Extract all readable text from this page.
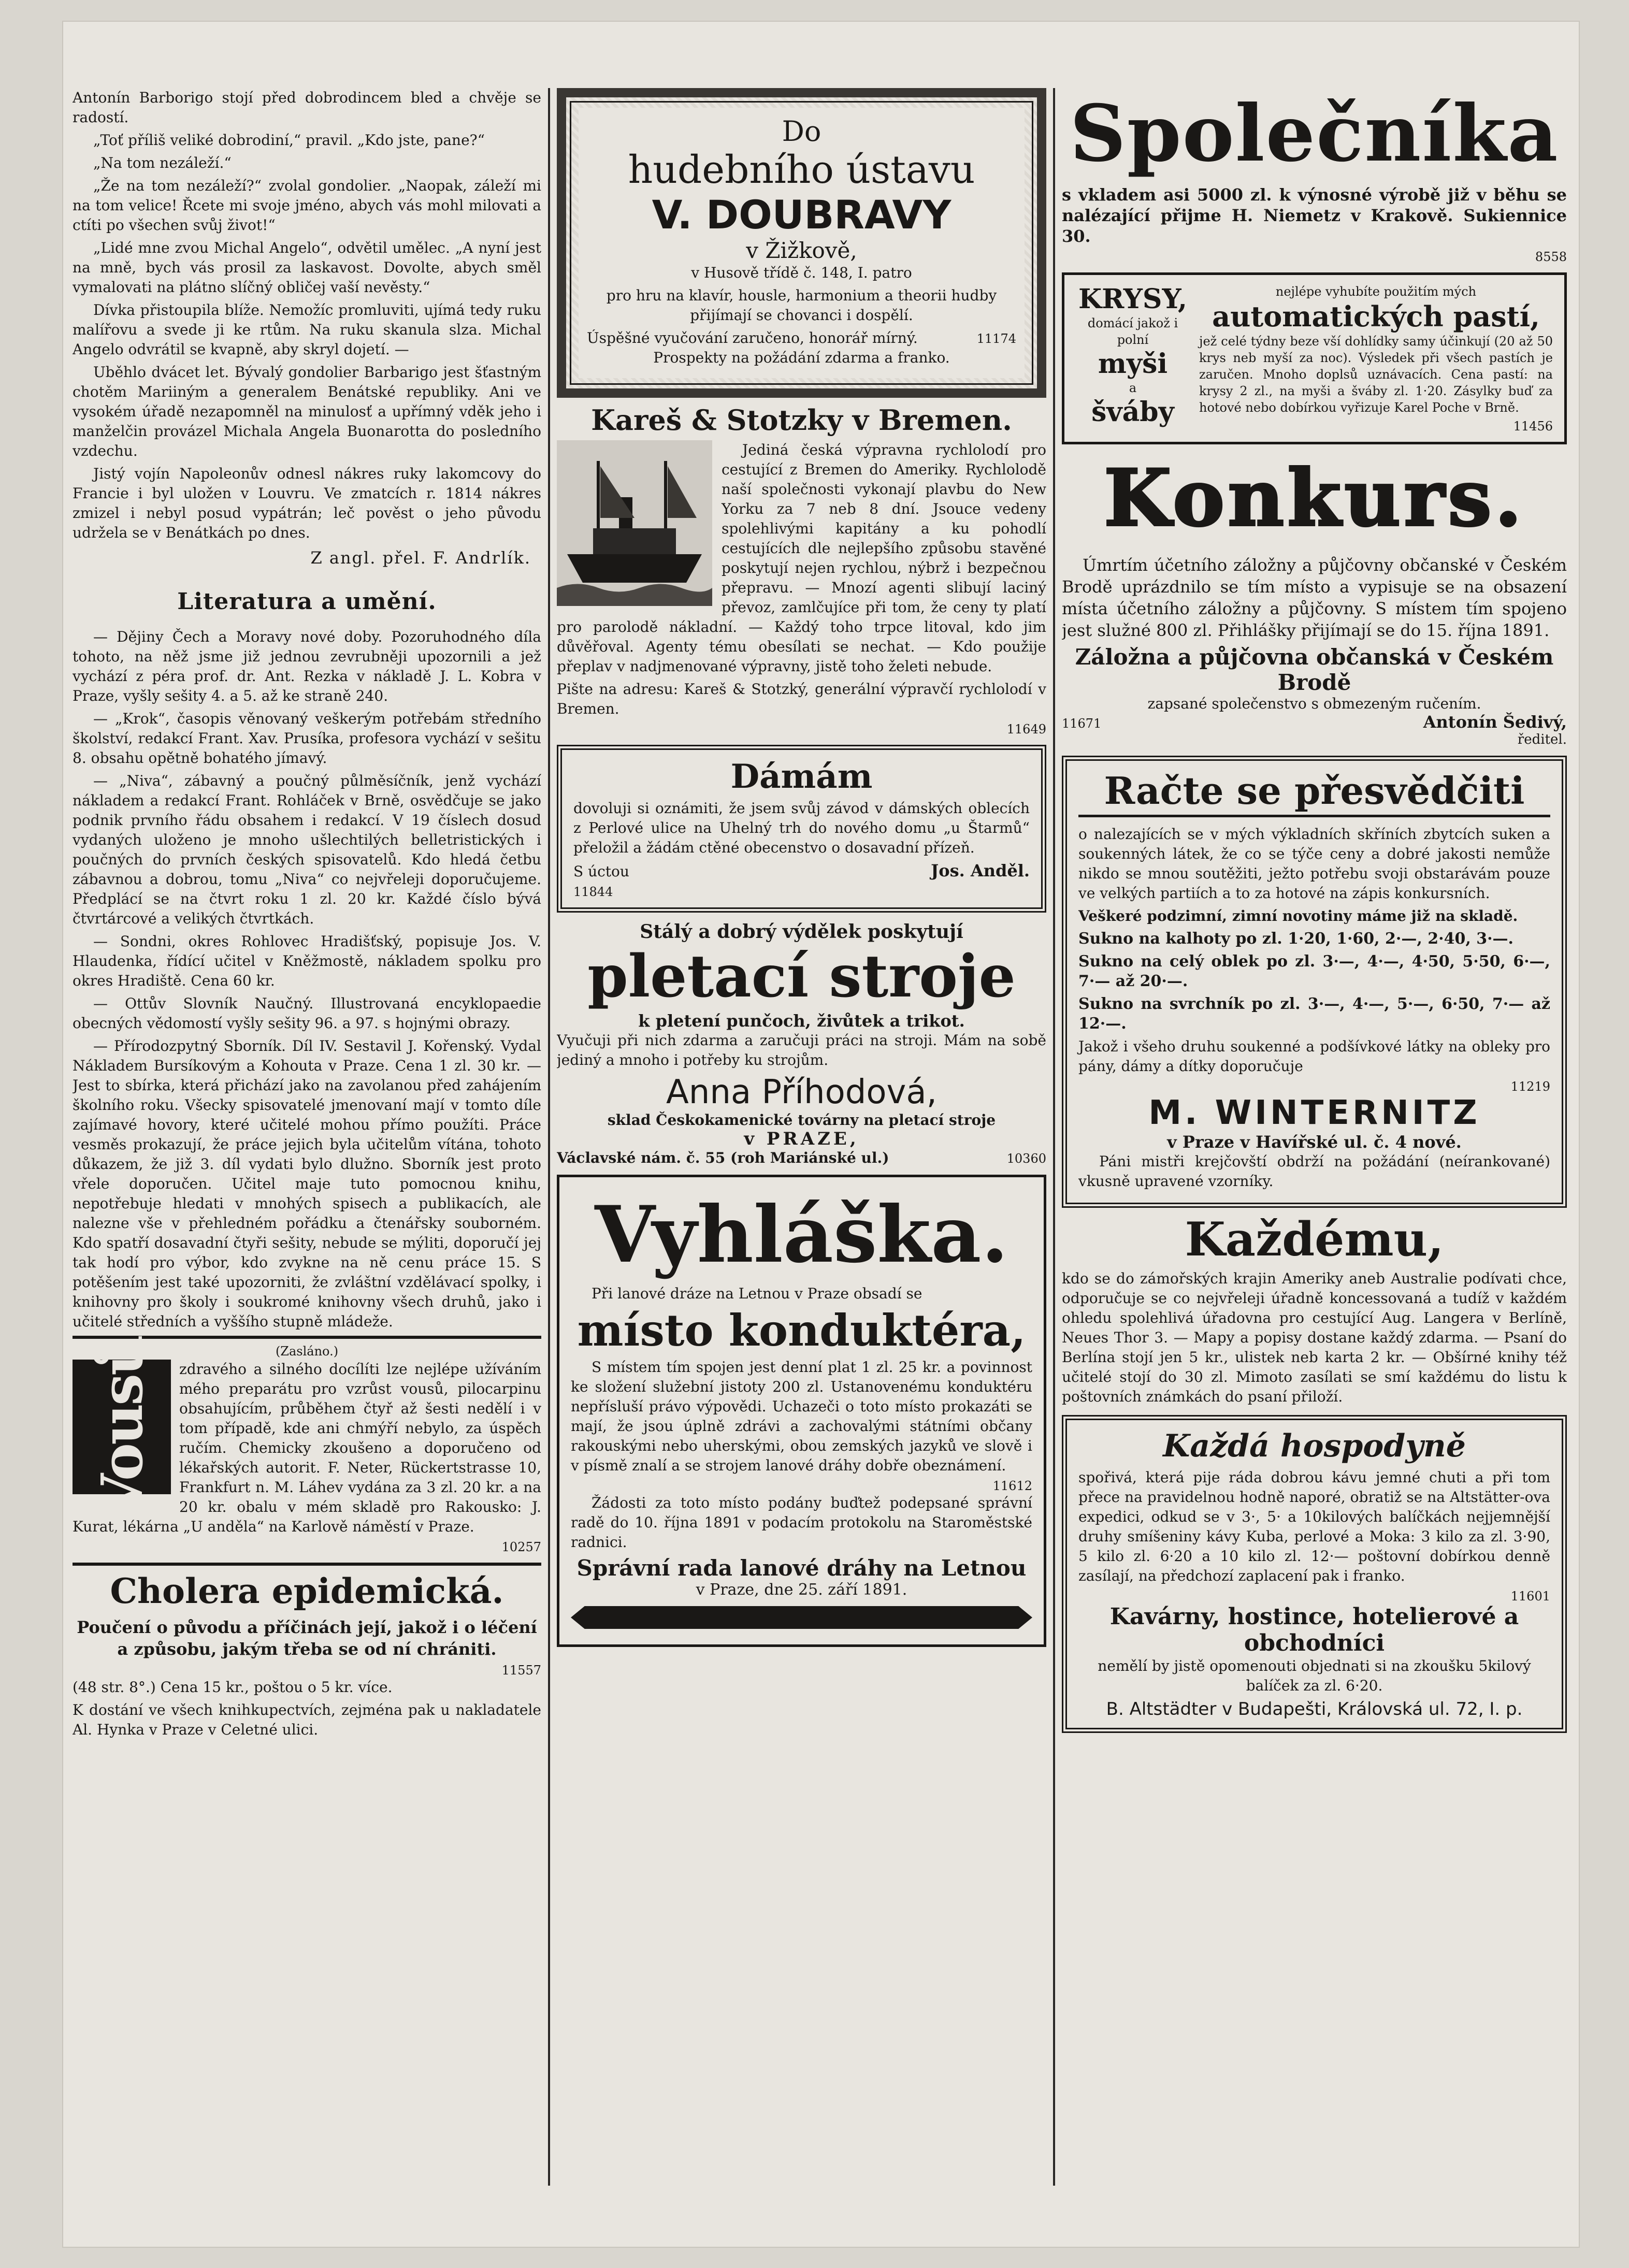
Antonín Barborigo stojí před dobrodincem bled a chvěje se radostí.

„Toť příliš veliké dobrodiní,“ pravil. „Kdo jste, pane?“

„Na tom nezáleží.“

„Že na tom nezáleží?“ zvolal gondolier. „Naopak, záleží mi na tom velice! Řcete mi svoje jméno, abych vás mohl milovati a ctíti po všechen svůj život!“

„Lidé mne zvou Michal Angelo“, odvětil umělec. „A nyní jest na mně, bych vás prosil za laskavost. Dovolte, abych směl vymalovati na plátno slíčný obličej vaší nevěsty.“

Dívka přistoupila blíže. Nemožíc promluviti, ujímá tedy ruku malířovu a svede ji ke rtům. Na ruku skanula slza. Michal Angelo odvrátil se kvapně, aby skryl dojetí. —

Uběhlo dvácet let. Bývalý gondolier Barbarigo jest šťastným chotěm Mariiným a generalem Benátské republiky. Ani ve vysokém úřadě nezapomněl na minulosť a upřímný vděk jeho i manželčin provázel Michala Angela Buonarotta do posledního vzdechu.

Jistý vojín Napoleonův odnesl nákres ruky lakomcovy do Francie i byl uložen v Louvru. Ve zmatcích r. 1814 nákres zmizel i nebyl posud vypátrán; leč pověst o jeho původu udržela se v Benátkách po dnes.

Z angl. přel. F. Andrlík.
Literatura a umění.

— Dějiny Čech a Moravy nové doby. Pozoruhodného díla tohoto, na něž jsme již jednou zevrubněji upozornili a jež vychází z péra prof. dr. Ant. Rezka v nákladě J. L. Kobra v Praze, vyšly sešity 4. a 5. až ke straně 240.

— „Krok“, časopis věnovaný veškerým potřebám středního školství, redakcí Frant. Xav. Prusíka, profesora vychází v sešitu 8. obsahu opětně bohatého jímavý.

— „Niva“, zábavný a poučný půlměsíčník, jenž vychází nákladem a redakcí Frant. Rohláček v Brně, osvědčuje se jako podnik prvního řádu obsahem i redakcí. V 19 číslech dosud vydaných uloženo je mnoho ušlechtilých belletristických i poučných do prvních českých spisovatelů. Kdo hledá četbu zábavnou a dobrou, tomu „Niva“ co nejvřeleji doporučujeme. Předplácí se na čtvrt roku 1 zl. 20 kr. Každé číslo bývá čtvrtárcové a velikých čtvrtkách.

— Sondni, okres Rohlovec Hradišťský, popisuje Jos. V. Hlaudenka, řídící učitel v Kněžmostě, nákladem spolku pro okres Hradiště. Cena 60 kr.

— Ottův Slovník Naučný. Illustrovaná encyklopaedie obecných vědomostí vyšly sešity 96. a 97. s hojnými obrazy.

— Přírodozpytný Sborník. Díl IV. Sestavil J. Kořenský. Vydal Nákladem Bursíkovým a Kohouta v Praze. Cena 1 zl. 30 kr. — Jest to sbírka, která přichází jako na zavolanou před zahájením školního roku. Všecky spisovatelé jmenovaní mají v tomto díle zajímavé hovory, které učitelé mohou přímo použíti. Práce vesměs prokazují, že práce jejich byla učitelům vítána, tohoto důkazem, že již 3. díl vydati bylo dlužno. Sborník jest proto vřele doporučen. Učitel maje tuto pomocnou knihu, nepotřebuje hledati v mnohých spisech a publikacích, ale nalezne vše v přehledném pořádku a čtenářsky souborném. Kdo spatří dosavadní čtyři sešity, nebude se mýliti, doporučí jej tak hodí pro výbor, kdo zvykne na ně cenu práce 15. S potěšením jest také upozorniti, že zvláštní vzdělávací spolky, i knihovny pro školy i soukromé knihovny všech druhů, jako i učitelé středních a vyššího stupně mládeže.

(Zasláno.)
Vousů	zdravého a silného docílíti lze nejlépe užíváním mého preparátu pro vzrůst vousů, pilocarpinu obsahujícím, průběhem čtyř až šesti nedělí i v tom případě, kde ani chmýří nebylo, za úspěch ručím. Chemicky zkoušeno a doporučeno od lékařských autorit. F. Neter, Rückertstrasse 10, Frankfurt n. M. Láhev vydána za 3 zl. 20 kr. a na 20 kr. obalu v mém skladě pro Rakousko: J. Kurat, lékárna „U anděla“ na Karlově náměstí v Praze.

10257
Cholera epidemická.

Poučení o původu a příčinách její, jakož i o léčení a způsobu, jakým třeba se od ní chrániti.

11557

(48 str. 8°.) Cena 15 kr., poštou o 5 kr. více.

K dostání ve všech knihkupectvích, zejména pak u nakladatele Al. Hynka v Praze v Celetné ulici.

Do
hudebního ústavu
V. DOUBRAVY
v Žižkově,

v Husově třídě č. 148, I. patro

pro hru na klavír, housle, harmonium a theorii hudby přijímají se chovanci i dospělí.

Úspěšné vyučování zaručeno, honorář mírný.	11174

Prospekty na požádání zdarma a franko.

Kareš & Stotzky v Bremen.

Jediná česká výpravna rychlolodí pro cestující z Bremen do Ameriky. Rychlolodě naší společnosti vykonají plavbu do New Yorku za 7 neb 8 dní. Jsouce vedeny spolehlivými kapitány a ku pohodlí cestujících dle nejlepšího způsobu stavěné poskytují nejen rychlou, nýbrž i bezpečnou přepravu. — Mnozí agenti slibují laciný převoz, zamlčujíce při tom, že ceny ty platí pro parolodě nákladní. — Každý toho trpce litoval, kdo jim důvěřoval. Agenty tému obesílati se nechat. — Kdo použije přeplav v nadjmenované výpravny, jistě toho želeti nebude.

Pište na adresu: Kareš & Stotzký, generální výpravčí rychlolodí v Bremen.

11649
Dámám

dovoluji si oznámiti, že jsem svůj závod v dámských oblecích z Perlové ulice na Uhelný trh do nového domu „u Štarmů“ přeložil a žádám ctěné obecenstvo o dosavadní přízeň.

S úctou	Jos. Anděl.
11844
Stálý a dobrý výdělek poskytují
pletací stroje
k pletení punčoch, živůtek a trikot.

Vyučuji při nich zdarma a zaručuji práci na stroji. Mám na sobě jediný a mnoho i potřeby ku strojům.

Anna Příhodová,
sklad Českokamenické továrny na pletací stroje
v PRAZE,
Václavské nám. č. 55 (roh Mariánské ul.)	10360
Vyhláška.

Při lanové dráze na Letnou v Praze obsadí se

místo konduktéra,

S místem tím spojen jest denní plat 1 zl. 25 kr. a povinnost ke složení služební jistoty 200 zl. Ustanovenému konduktéru nepřísluší právo výpovědi. Uchazeči o toto místo prokazáti se mají, že jsou úplně zdrávi a zachovalými státními občany rakouskými nebo uherskými, obou zemských jazyků ve slově i v písmě znalí a se strojem lanové dráhy dobře obeznámení.

11612

Žádosti za toto místo podány buďtež podepsané správní radě do 10. října 1891 v podacím protokolu na Staroměstské radnici.

Správní rada lanové dráhy na Letnou
v Praze, dne 25. září 1891.
Společníka

s vkladem asi 5000 zl. k výnosné výrobě již v běhu se nalézající přijme H. Niemetz v Krakově. Sukiennice 30.

8558
KRYSY,
domácí jakož i polní
myši
a
šváby
nejlépe vyhubíte použitím mých
automatických pastí,

jež celé týdny beze vší dohlídky samy účinkují (20 až 50 krys neb myší za noc). Výsledek při všech pastích je zaručen. Mnoho doplsů uznávacích. Cena pastí: na krysy 2 zl., na myši a šváby zl. 1·20. Zásylky buď za hotové nebo dobírkou vyřizuje Karel Poche v Brně.

11456
Konkurs.

Úmrtím účetního záložny a půjčovny občanské v Českém Brodě uprázdnilo se tím místo a vypisuje se na obsazení místa účetního záložny a půjčovny. S místem tím spojeno jest služné 800 zl. Přihlášky přijímají se do 15. října 1891.

Záložna a půjčovna občanská v Českém Brodě
zapsané společenstvo s obmezeným ručením.
11671	Antonín Šedivý,
ředitel.
Račte se přesvědčiti

o nalezajících se v mých výkladních skříních zbytcích suken a soukenných látek, že co se týče ceny a dobré jakosti nemůže nikdo se mnou soutěžiti, ježto potřebu svoji obstarávám pouze ve velkých partiích a to za hotové na zápis konkursních.

Veškeré podzimní, zimní novotiny máme již na skladě.

Sukno na kalhoty po zl. 1·20, 1·60, 2·—, 2·40, 3·—.

Sukno na celý oblek po zl. 3·—, 4·—, 4·50, 5·50, 6·—, 7·— až 20·—.

Sukno na svrchník po zl. 3·—, 4·—, 5·—, 6·50, 7·— až 12·—.

Jakož i všeho druhu soukenné a podšívkové látky na obleky pro pány, dámy a dítky doporučuje

11219
M. WINTERNITZ
v Praze v Havířské ul. č. 4 nové.

Páni mistři krejčovští obdrží na požádání (neírankované) vkusně upravené vzorníky.

Každému,

kdo se do zámořských krajin Ameriky aneb Australie podívati chce, odporučuje se co nejvřeleji úřadně koncessovaná a tudíž v každém ohledu spolehlivá úřadovna pro cestující Aug. Langera v Berlíně, Neues Thor 3. — Mapy a popisy dostane každý zdarma. — Psaní do Berlína stojí jen 5 kr., ulistek neb karta 2 kr. — Obšírné knihy též učitelé stojí do 30 zl. Mimoto zasílati se smí každému do listu k poštovních známkách do psaní přiloží.

Každá hospodyně

spořivá, která pije ráda dobrou kávu jemné chuti a při tom přece na pravidelnou hodně naporé, obratiž se na Altstätter-ova expedici, odkud se v 3·, 5· a 10kilových balíčkách nejjemnější druhy smíšeniny kávy Kuba, perlové a Moka: 3 kilo za zl. 3·90, 5 kilo zl. 6·20 a 10 kilo zl. 12·— poštovní dobírkou denně zasílají, na předchozí zaplacení pak i franko.

11601
Kavárny, hostince, hotelierové a obchodníci

nemělí by jistě opomenouti objednati si na zkoušku 5kilový balíček za zl. 6·20.

B. Altstädter v Budapešti, Královská ul. 72, I. p.
